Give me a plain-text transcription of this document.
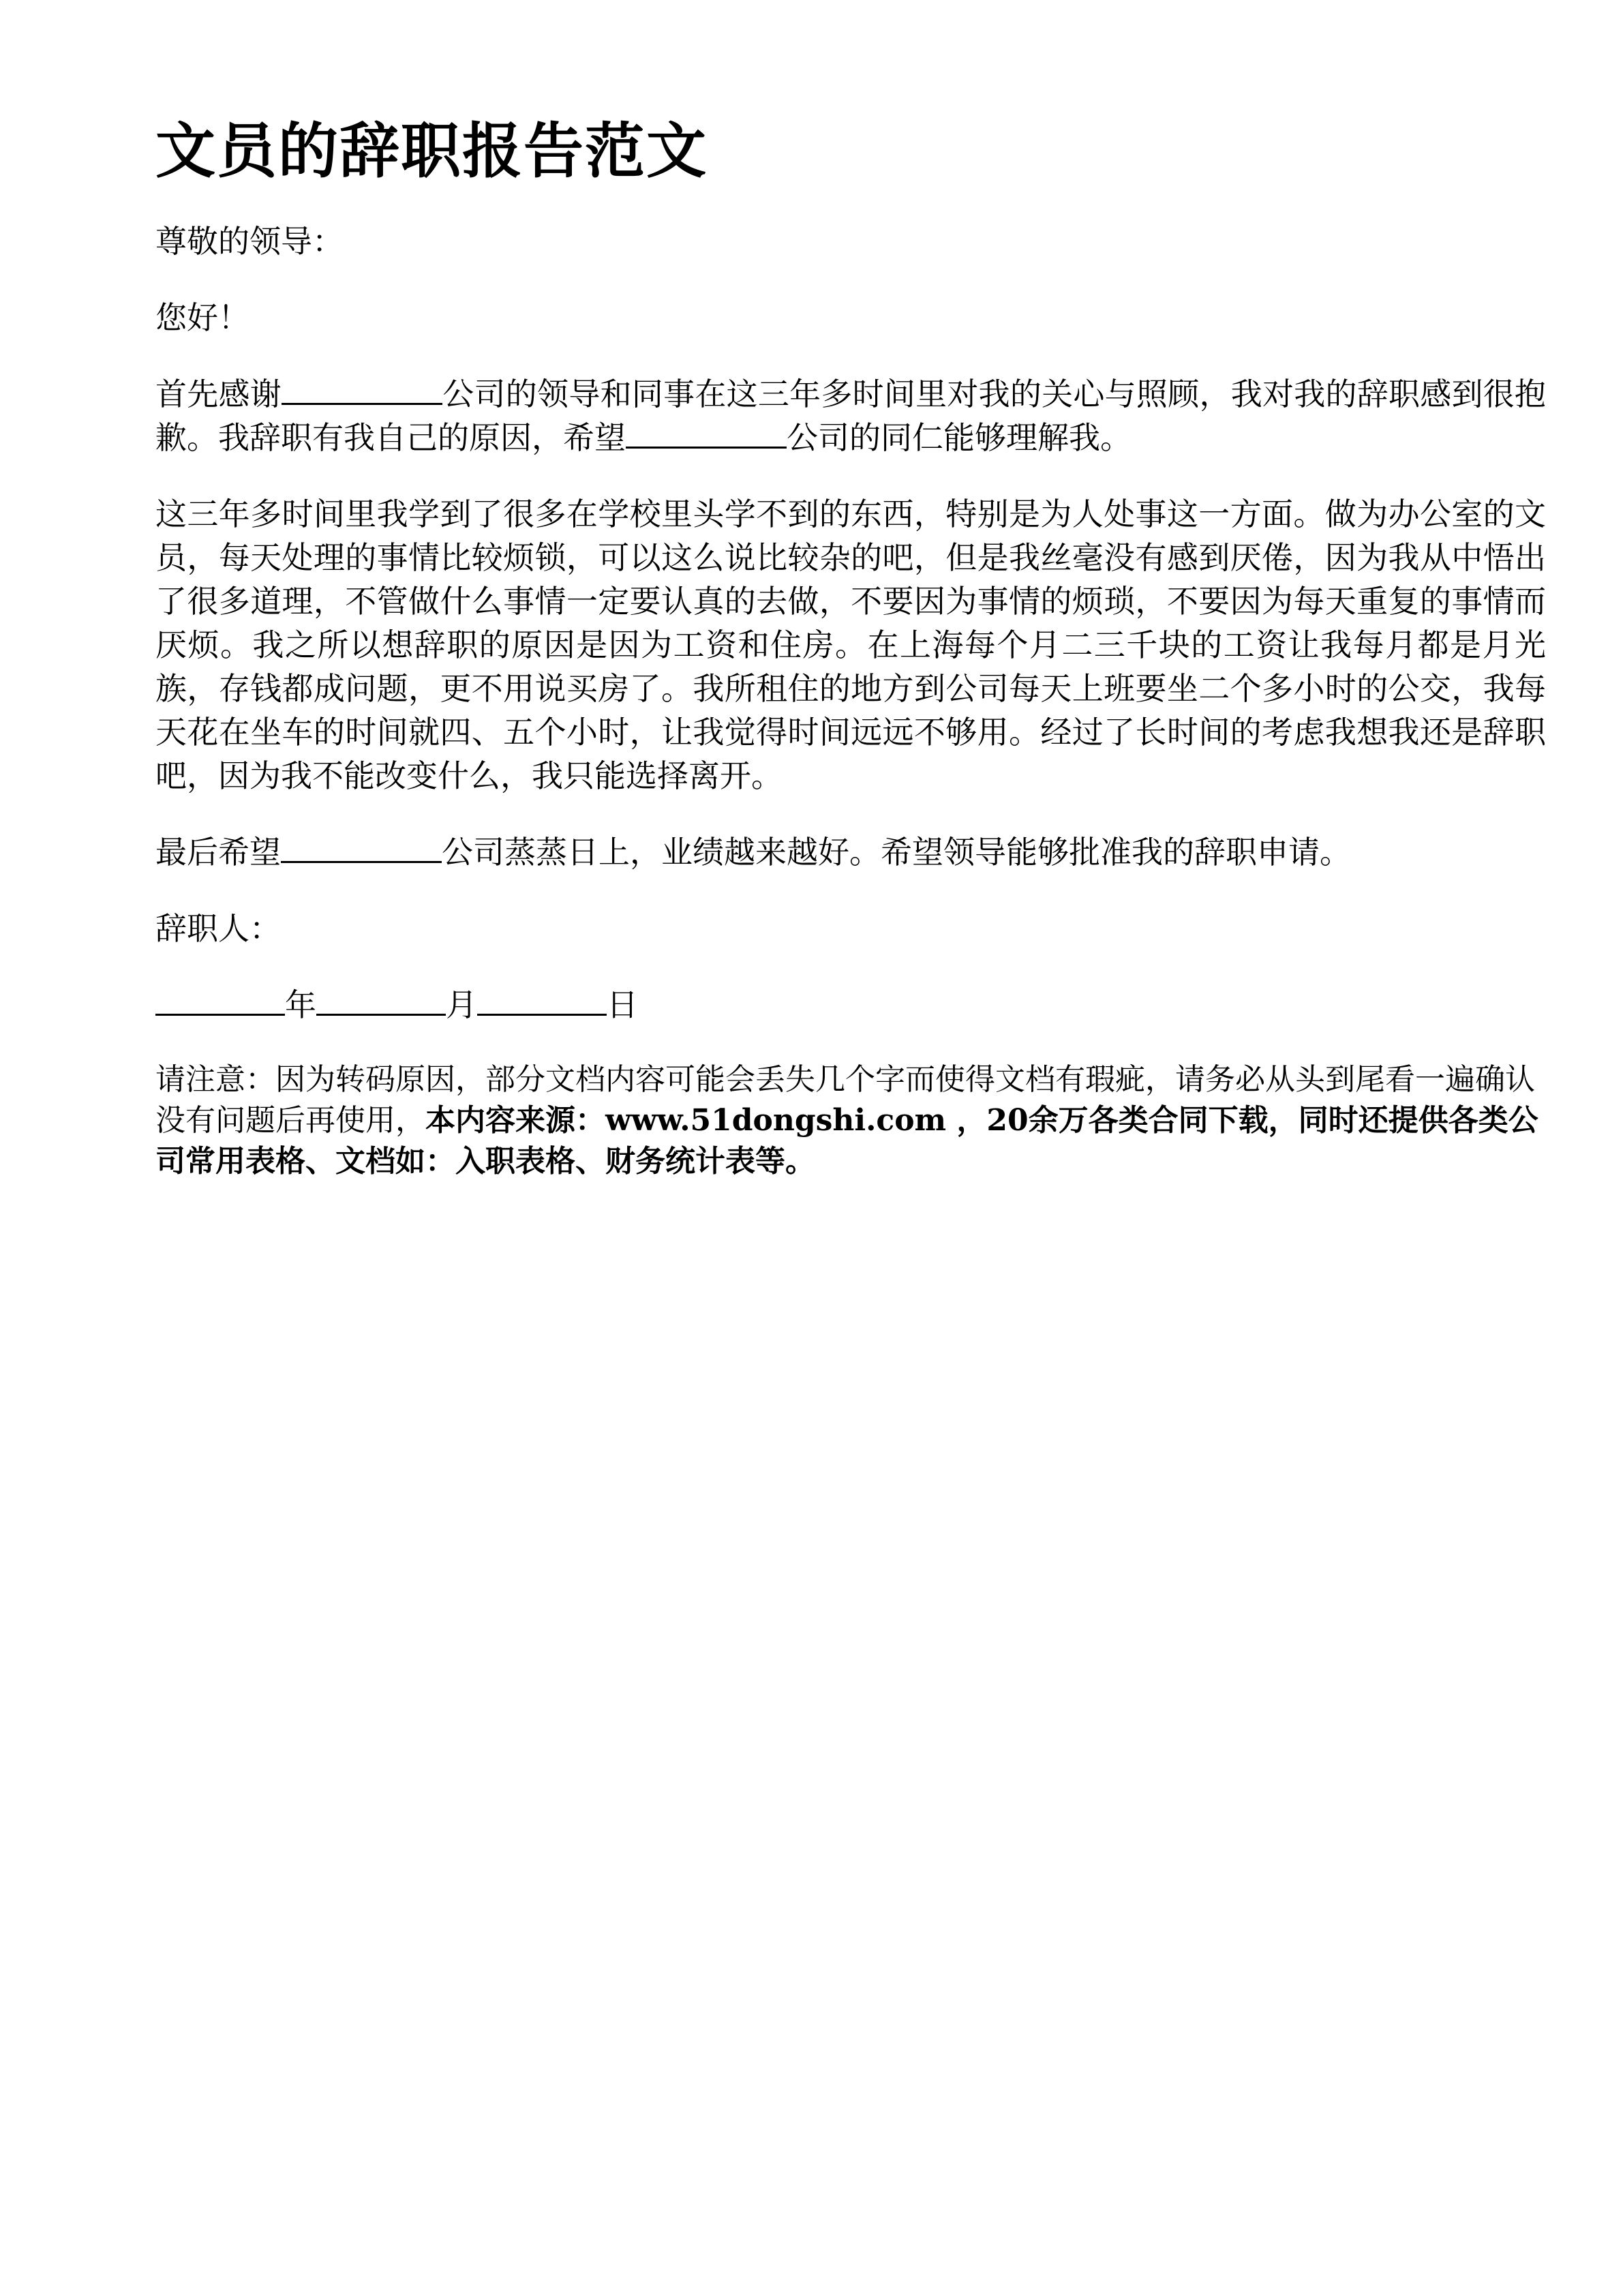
文员的辞职报告范文

尊敬的领导：

您好！

首先感谢	公司的领导和同事在这三年多时间里对我的关心与照顾，我对我的辞职感到很抱歉。我辞职有我自己的原因，希望	公司的同仁能够理解我。

这三年多时间里我学到了很多在学校里头学不到的东西，特别是为人处事这一方面。做为办公室的文员，每天处理的事情比较烦锁，可以这么说比较杂的吧，但是我丝毫没有感到厌倦，因为我从中悟出了很多道理，不管做什么事情一定要认真的去做，不要因为事情的烦琐，不要因为每天重复的事情而厌烦。我之所以想辞职的原因是因为工资和住房。在上海每个月二三千块的工资让我每月都是月光族，存钱都成问题，更不用说买房了。我所租住的地方到公司每天上班要坐二个多小时的公交，我每天花在坐车的时间就四、五个小时，让我觉得时间远远不够用。经过了长时间的考虑我想我还是辞职吧，因为我不能改变什么，我只能选择离开。

最后希望	公司蒸蒸日上，业绩越来越好。希望领导能够批准我的辞职申请。

辞职人：

年	月	日

请注意：因为转码原因，部分文档内容可能会丢失几个字而使得文档有瑕疵，请务必从头到尾看一遍确认没有问题后再使用，本内容来源：www.51dongshi.com ，20余万各类合同下载，同时还提供各类公司常用表格、文档如：入职表格、财务统计表等。
